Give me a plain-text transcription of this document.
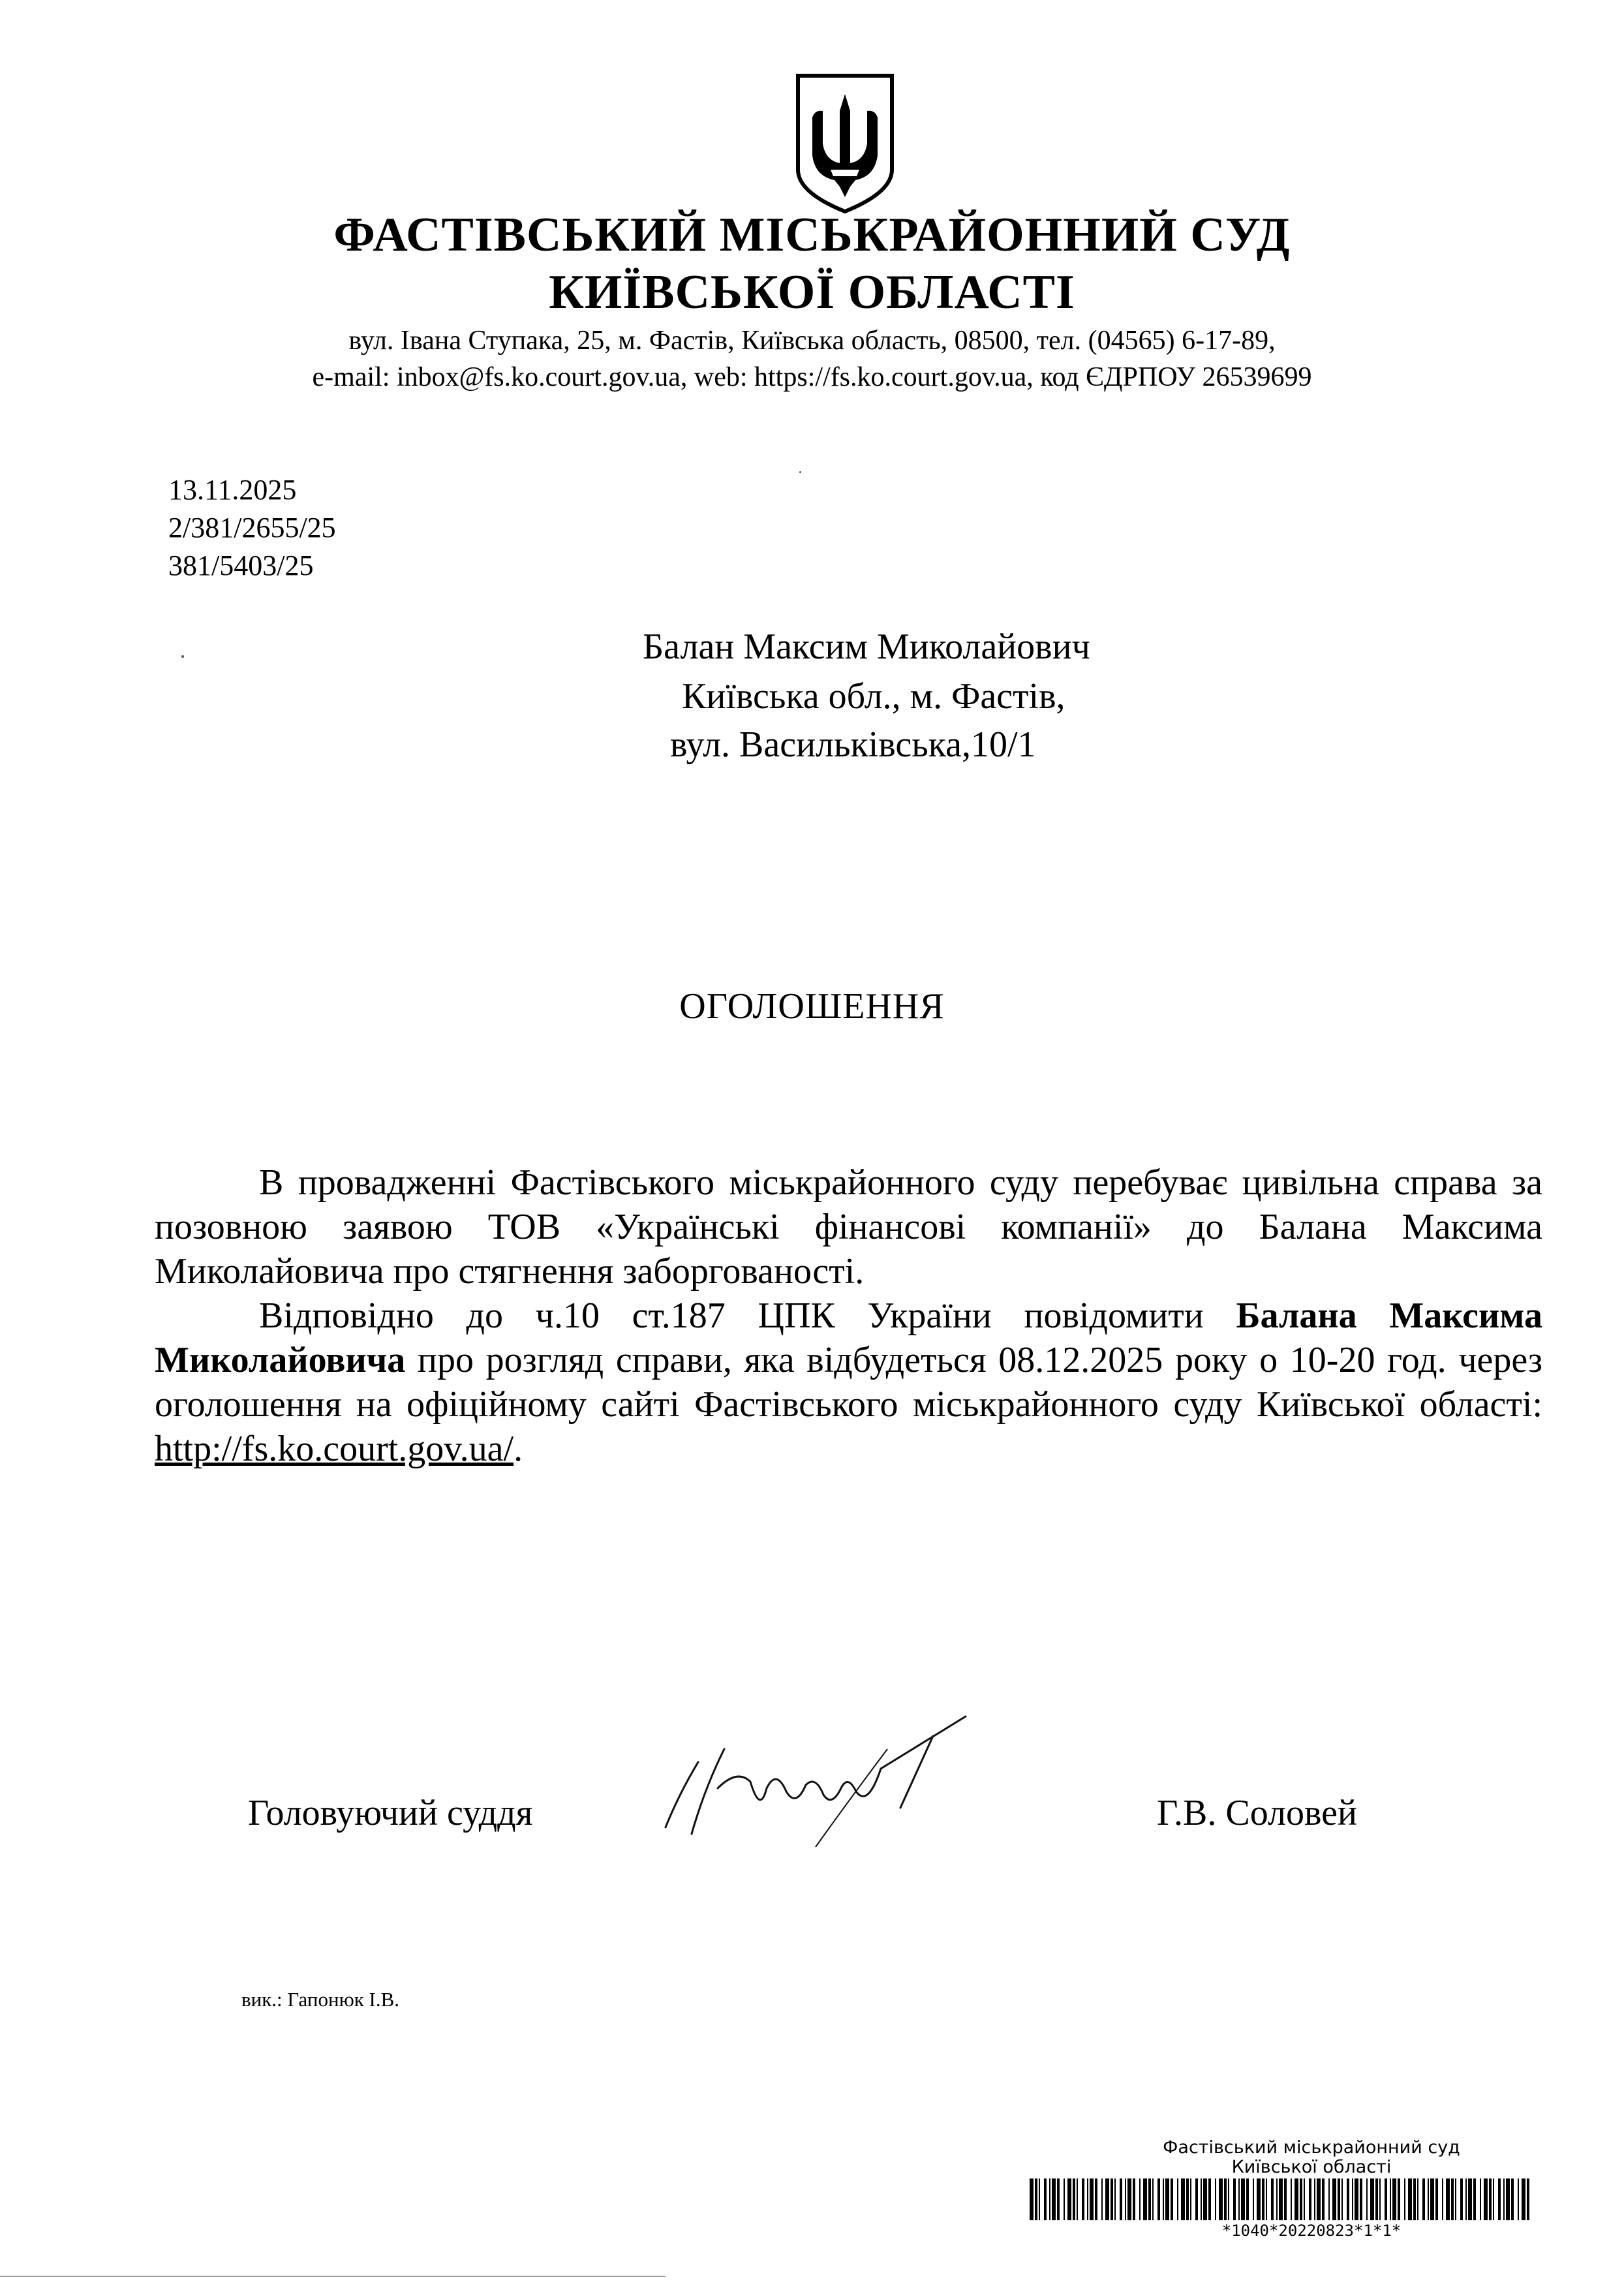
ФАСТІВСЬКИЙ МІСЬКРАЙОННИЙ СУД
КИЇВСЬКОЇ ОБЛАСТІ
вул. Івана Ступака, 25, м. Фастів, Київська область, 08500, тел. (04565) 6-17-89,
e-mail: inbox@fs.ko.court.gov.ua, web: https://fs.ko.court.gov.ua, код ЄДРПОУ 26539699
13.11.2025
2/381/2655/25
381/5403/25
Балан Максим Миколайович
Київська обл., м. Фастів,
вул. Васильківська,10/1
ОГОЛОШЕННЯ

В провадженні Фастівського міськрайонного суду перебуває цивільна справа за позовною заявою ТОВ «Українські фінансові компанії» до Балана Максима Миколайовича про стягнення заборгованості.

Відповідно до ч.10 ст.187 ЦПК України повідомити Балана Максима Миколайовича про розгляд справи, яка відбудеться 08.12.2025 року о 10-20 год. через оголошення на офіційному сайті Фастівського міськрайонного суду Київської області: http://fs.ko.court.gov.ua/.

Головуючий суддя	Г.В. Соловей
вик.: Гапонюк І.В.
Фастівський міськрайонний суд
Київської області
*1040*20220823*1*1*
